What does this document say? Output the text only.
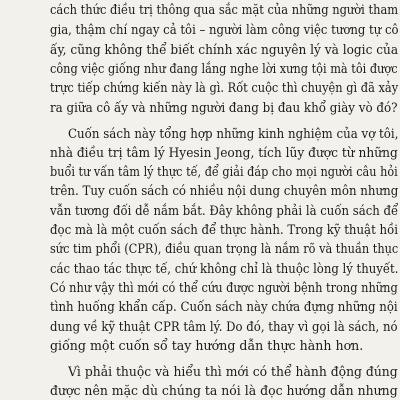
cách thức điều trị thông qua sắc mặt của những người tham
gia, thậm chí ngay cả tôi – người làm công việc tương tự cô
ấy, cũng không thể biết chính xác nguyên lý và logic của
công việc giống như đang lắng nghe lời xưng tội mà tôi được
trực tiếp chứng kiến này là gì. Rốt cuộc thì chuyện gì đã xảy
ra giữa cô ấy và những người đang bị đau khổ giày vò đó?
Cuốn sách này tổng hợp những kinh nghiệm của vợ tôi,
nhà điều trị tâm lý Hyesin Jeong, tích lũy được từ những
buổi tư vấn tâm lý thực tế, để giải đáp cho mọi người câu hỏi
trên. Tuy cuốn sách có nhiều nội dung chuyên môn nhưng
vẫn tương đối dễ nắm bắt. Đây không phải là cuốn sách để
đọc mà là một cuốn sách để thực hành. Trong kỹ thuật hồi
sức tim phổi (CPR), điều quan trọng là nắm rõ và thuần thục
các thao tác thực tế, chứ không chỉ là thuộc lòng lý thuyết.
Có như vậy thì mới có thể cứu được người bệnh trong những
tình huống khẩn cấp. Cuốn sách này chứa đựng những nội
dung về kỹ thuật CPR tâm lý. Do đó, thay vì gọi là sách, nó
giống một cuốn sổ tay hướng dẫn thực hành hơn.
Vì phải thuộc và hiểu thì mới có thể hành động đúng
được nên mặc dù chúng ta nói là đọc hướng dẫn nhưng
